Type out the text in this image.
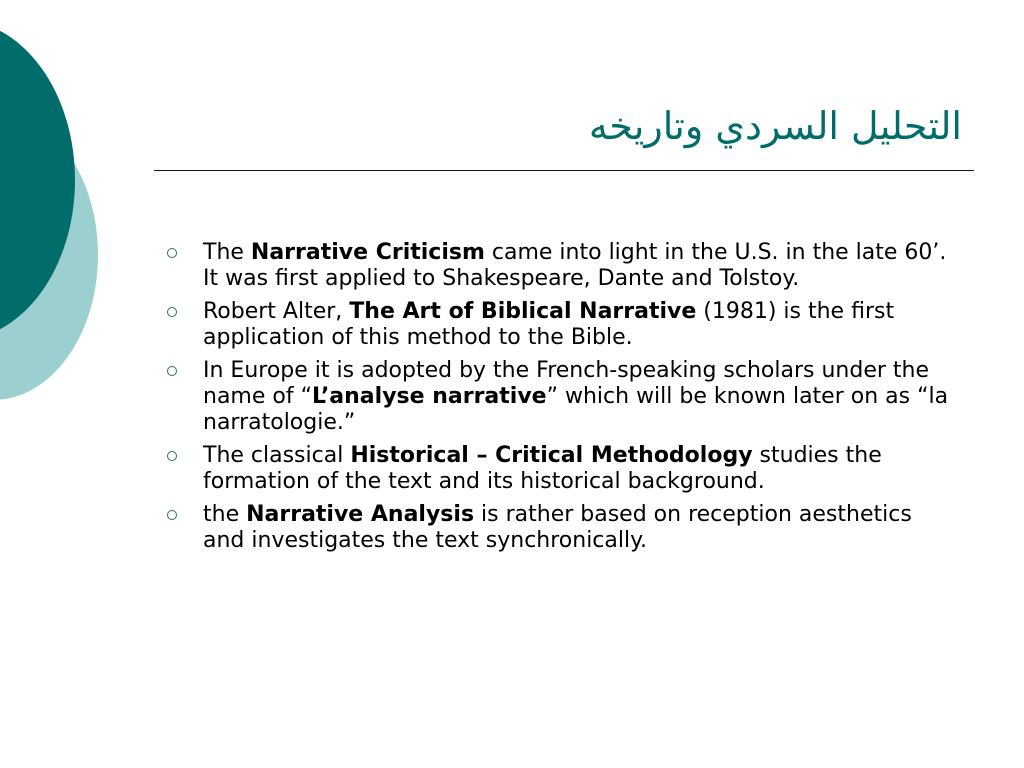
التحليل السردي وتاريخه
The Narrative Criticism came into light in the U.S. in the late 60’. It was first applied to Shakespeare, Dante and Tolstoy.
Robert Alter, The Art of Biblical Narrative (1981) is the first application of this method to the Bible.
In Europe it is adopted by the French-speaking scholars under the name of “L’analyse narrative” which will be known later on as “la narratologie.”
The classical Historical – Critical Methodology studies the formation of the text and its historical background.
the Narrative Analysis is rather based on reception aesthetics and investigates the text synchronically.
